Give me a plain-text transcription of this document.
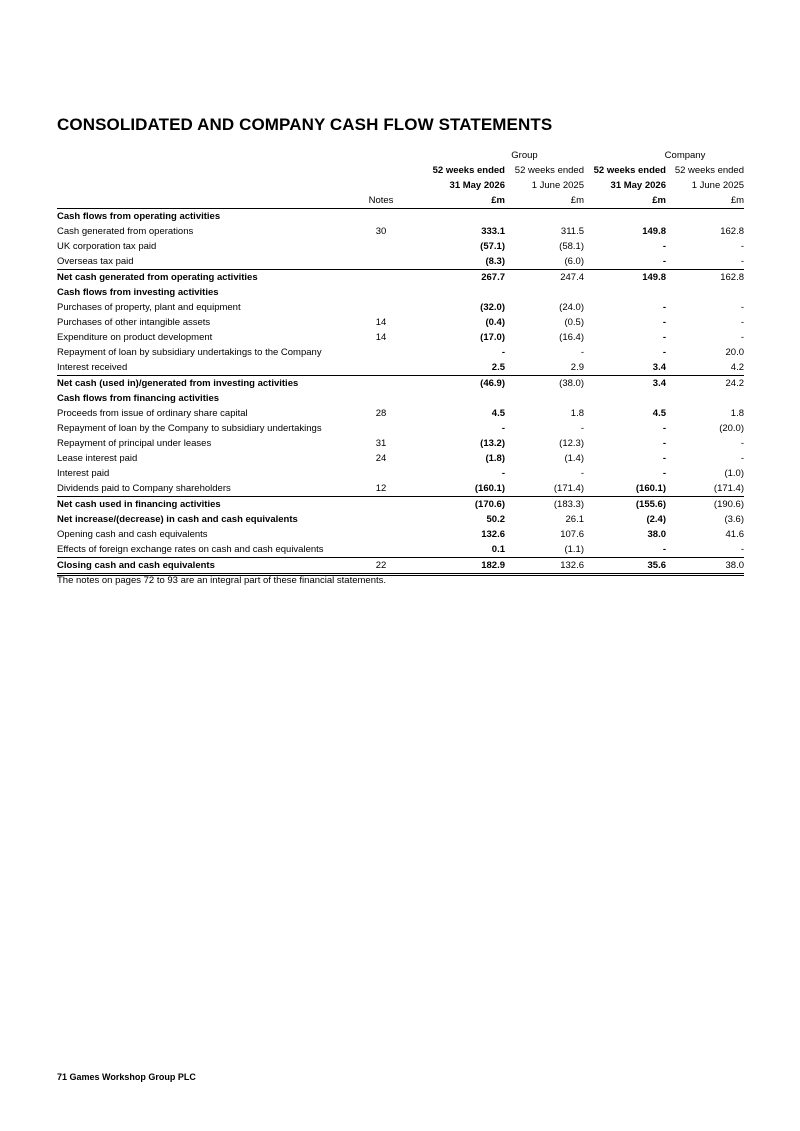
CONSOLIDATED AND COMPANY CASH FLOW STATEMENTS
		Group		Company	
		52 weeks ended	52 weeks ended	52 weeks ended	52 weeks ended
		31 May 2026	1 June 2025	31 May 2026	1 June 2025
	Notes	£m	£m	£m	£m
Cash flows from operating activities					
Cash generated from operations	30	333.1	311.5	149.8	162.8
UK corporation tax paid		(57.1)	(58.1)	-	-
Overseas tax paid		(8.3)	(6.0)	-	-
Net cash generated from operating activities		267.7	247.4	149.8	162.8
Cash flows from investing activities					
Purchases of property, plant and equipment		(32.0)	(24.0)	-	-
Purchases of other intangible assets	14	(0.4)	(0.5)	-	-
Expenditure on product development	14	(17.0)	(16.4)	-	-
Repayment of loan by subsidiary undertakings to the Company		-	-	-	20.0
Interest received		2.5	2.9	3.4	4.2
Net cash (used in)/generated from investing activities		(46.9)	(38.0)	3.4	24.2
Cash flows from financing activities					
Proceeds from issue of ordinary share capital	28	4.5	1.8	4.5	1.8
Repayment of loan by the Company to subsidiary undertakings		-	-	-	(20.0)
Repayment of principal under leases	31	(13.2)	(12.3)	-	-
Lease interest paid	24	(1.8)	(1.4)	-	-
Interest paid		-	-	-	(1.0)
Dividends paid to Company shareholders	12	(160.1)	(171.4)	(160.1)	(171.4)
Net cash used in financing activities		(170.6)	(183.3)	(155.6)	(190.6)
Net increase/(decrease) in cash and cash equivalents		50.2	26.1	(2.4)	(3.6)
Opening cash and cash equivalents		132.6	107.6	38.0	41.6
Effects of foreign exchange rates on cash and cash equivalents		0.1	(1.1)	-	-
Closing cash and cash equivalents	22	182.9	132.6	35.6	38.0
The notes on pages 72 to 93 are an integral part of these financial statements.
71 Games Workshop Group PLC
